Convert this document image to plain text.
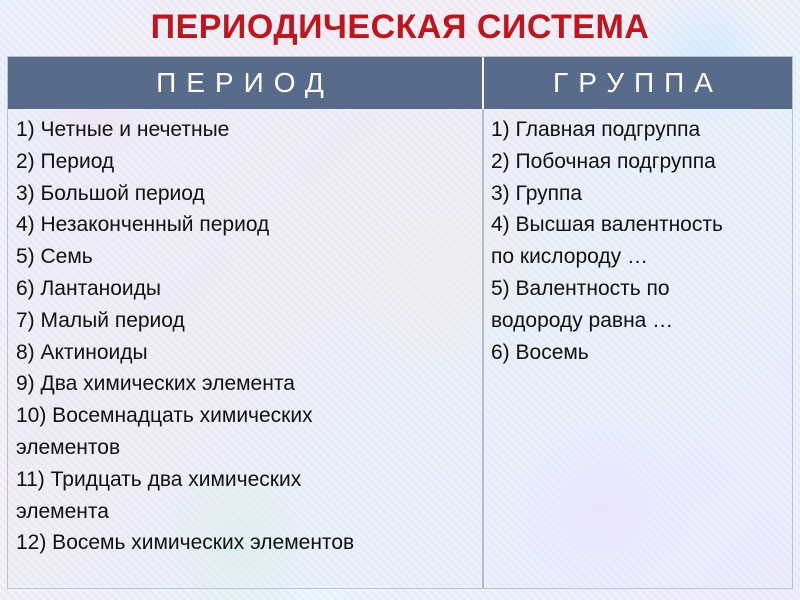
ПЕРИОДИЧЕСКАЯ СИСТЕМА
ПЕРИОД	ГРУППА
1) Четные и нечетные
2) Период
3) Большой период
4) Незаконченный период
5) Семь
6) Лантаноиды
7) Малый период
8) Актиноиды
9) Два химических элемента
10) Восемнадцать химических
элементов
11) Тридцать два химических
элемента
12) Восемь химических элементов
1) Главная подгруппа
2) Побочная подгруппа
3) Группа
4) Высшая валентность
по кислороду …
5) Валентность по
водороду равна …
6) Восемь
